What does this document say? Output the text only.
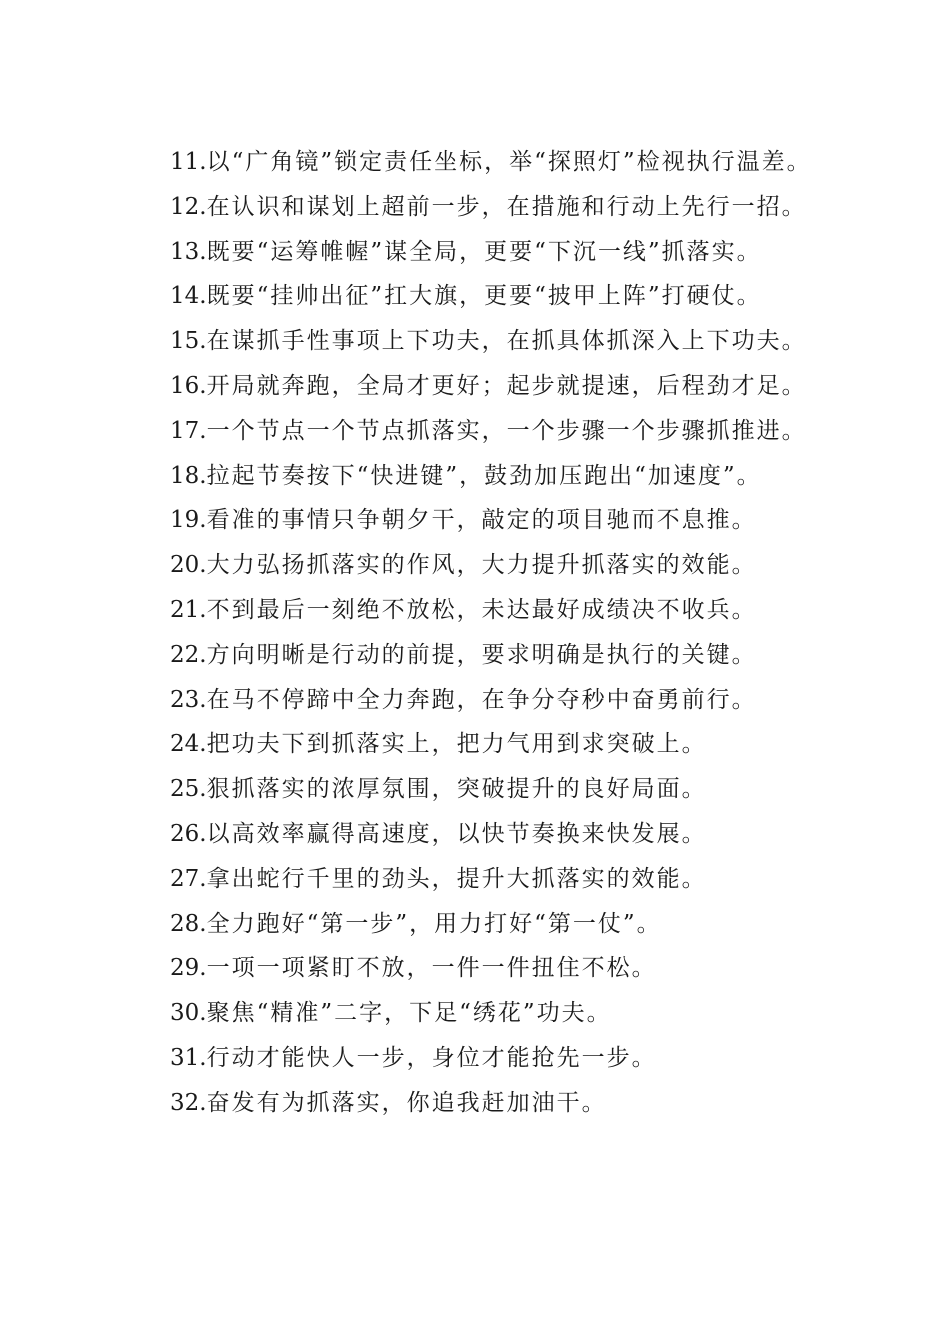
11.以“广角镜”锁定责任坐标，举“探照灯”检视执行温差。

12.在认识和谋划上超前一步，在措施和行动上先行一招。

13.既要“运筹帷幄”谋全局，更要“下沉一线”抓落实。

14.既要“挂帅出征”扛大旗，更要“披甲上阵”打硬仗。

15.在谋抓手性事项上下功夫，在抓具体抓深入上下功夫。

16.开局就奔跑，全局才更好；起步就提速，后程劲才足。

17.一个节点一个节点抓落实，一个步骤一个步骤抓推进。

18.拉起节奏按下“快进键”，鼓劲加压跑出“加速度”。

19.看准的事情只争朝夕干，敲定的项目驰而不息推。

20.大力弘扬抓落实的作风，大力提升抓落实的效能。

21.不到最后一刻绝不放松，未达最好成绩决不收兵。

22.方向明晰是行动的前提，要求明确是执行的关键。

23.在马不停蹄中全力奔跑，在争分夺秒中奋勇前行。

24.把功夫下到抓落实上，把力气用到求突破上。

25.狠抓落实的浓厚氛围，突破提升的良好局面。

26.以高效率赢得高速度，以快节奏换来快发展。

27.拿出蛇行千里的劲头，提升大抓落实的效能。

28.全力跑好“第一步”，用力打好“第一仗”。

29.一项一项紧盯不放，一件一件扭住不松。

30.聚焦“精准”二字，下足“绣花”功夫。

31.行动才能快人一步，身位才能抢先一步。

32.奋发有为抓落实，你追我赶加油干。
